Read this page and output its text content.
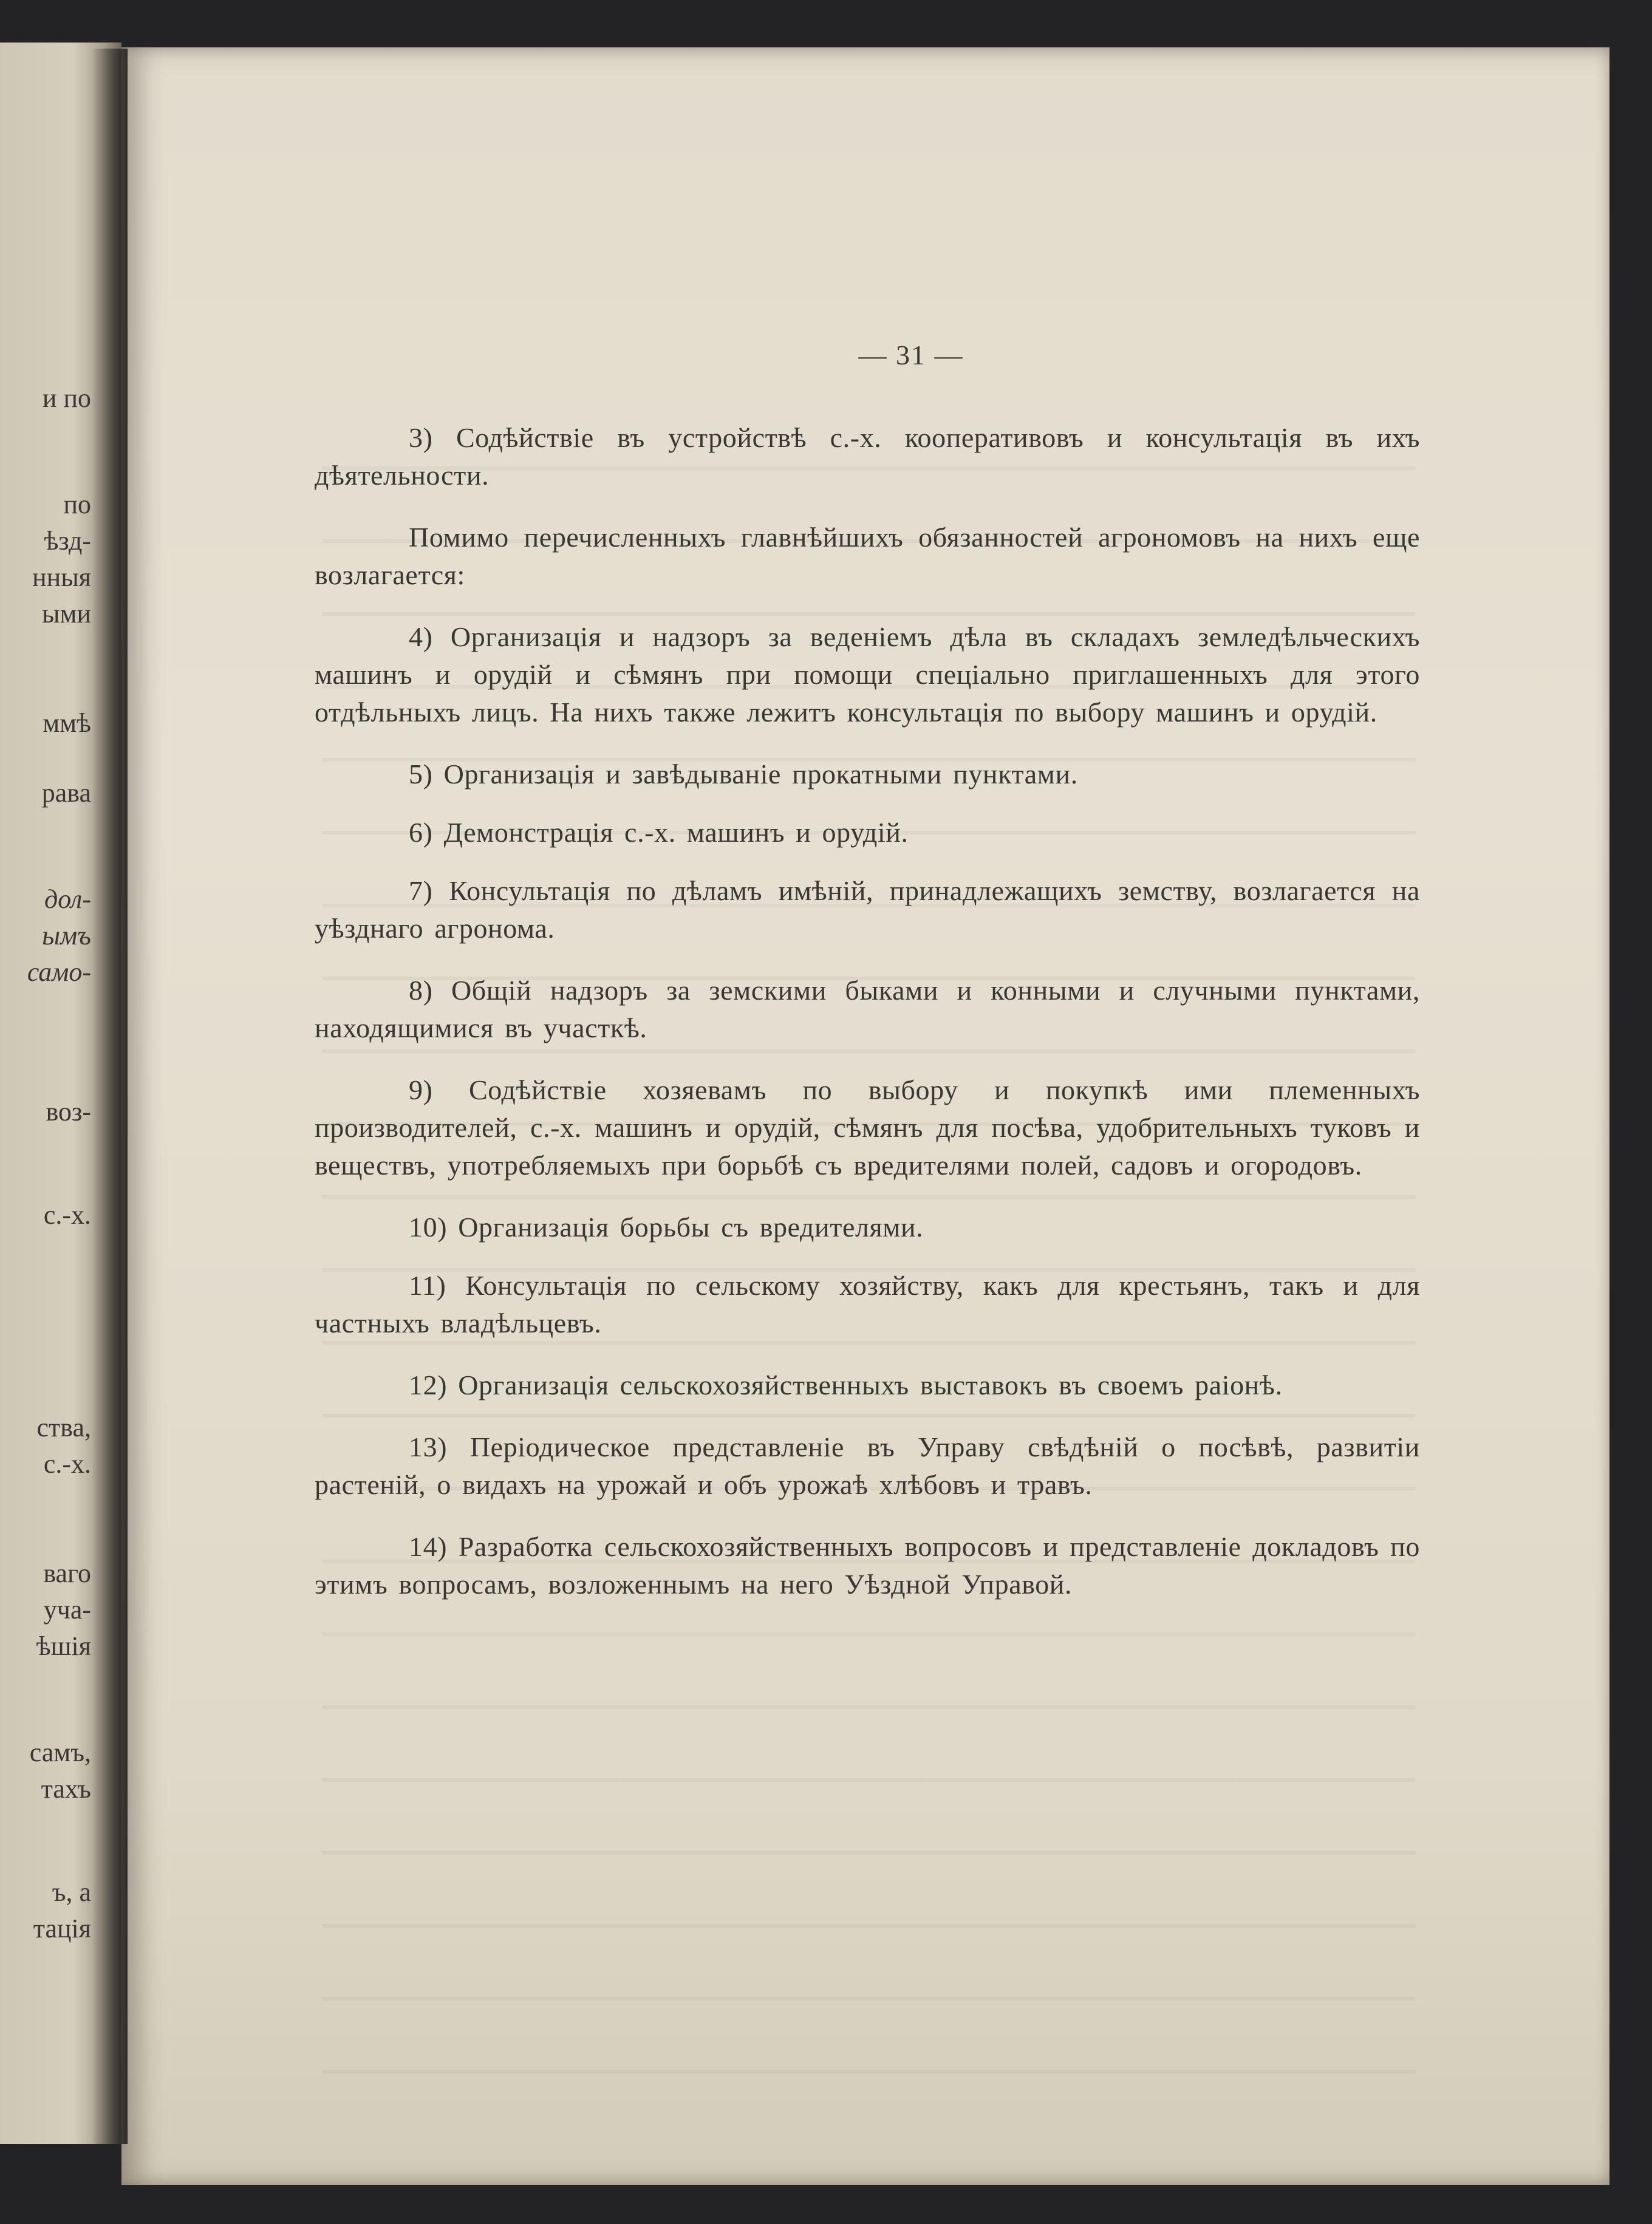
и по
по
ѣзд-
нныя
ыми
ммѣ
рава
дол-
ымъ
само-
воз-
с.-х.
ства,
с.-х.
ваго
уча-
ѣшія
самъ,
тахъ
ъ, а
тація
— 31 —

3) Содѣйствіе въ устройствѣ с.-х. кооперативовъ и консультація въ ихъ дѣятельности.

Помимо перечисленныхъ главнѣйшихъ обязанностей агрономовъ на нихъ еще возлагается:

4) Организація и надзоръ за веденіемъ дѣла въ складахъ земледѣльческихъ машинъ и орудій и сѣмянъ при помощи спеціально приглашенныхъ для этого отдѣльныхъ лицъ. На нихъ также лежитъ консультація по выбору машинъ и орудій.

5) Организація и завѣдываніе прокатными пунктами.

6) Демонстрація с.-х. машинъ и орудій.

7) Консультація по дѣламъ имѣній, принадлежащихъ земству, возлагается на уѣзднаго агронома.

8) Общій надзоръ за земскими быками и конными и случными пунктами, находящимися въ участкѣ.

9) Содѣйствіе хозяевамъ по выбору и покупкѣ ими племенныхъ производителей, с.-х. машинъ и орудій, сѣмянъ для посѣва, удобрительныхъ туковъ и веществъ, употребляемыхъ при борьбѣ съ вредителями полей, садовъ и огородовъ.

10) Организація борьбы съ вредителями.

11) Консультація по сельскому хозяйству, какъ для крестьянъ, такъ и для частныхъ владѣльцевъ.

12) Организація сельскохозяйственныхъ выставокъ въ своемъ раіонѣ.

13) Періодическое представленіе въ Управу свѣдѣній о посѣвѣ, развитіи растеній, о видахъ на урожай и объ урожаѣ хлѣбовъ и травъ.

14) Разработка сельскохозяйственныхъ вопросовъ и представленіе докладовъ по этимъ вопросамъ, возложеннымъ на него Уѣздной Управой.
